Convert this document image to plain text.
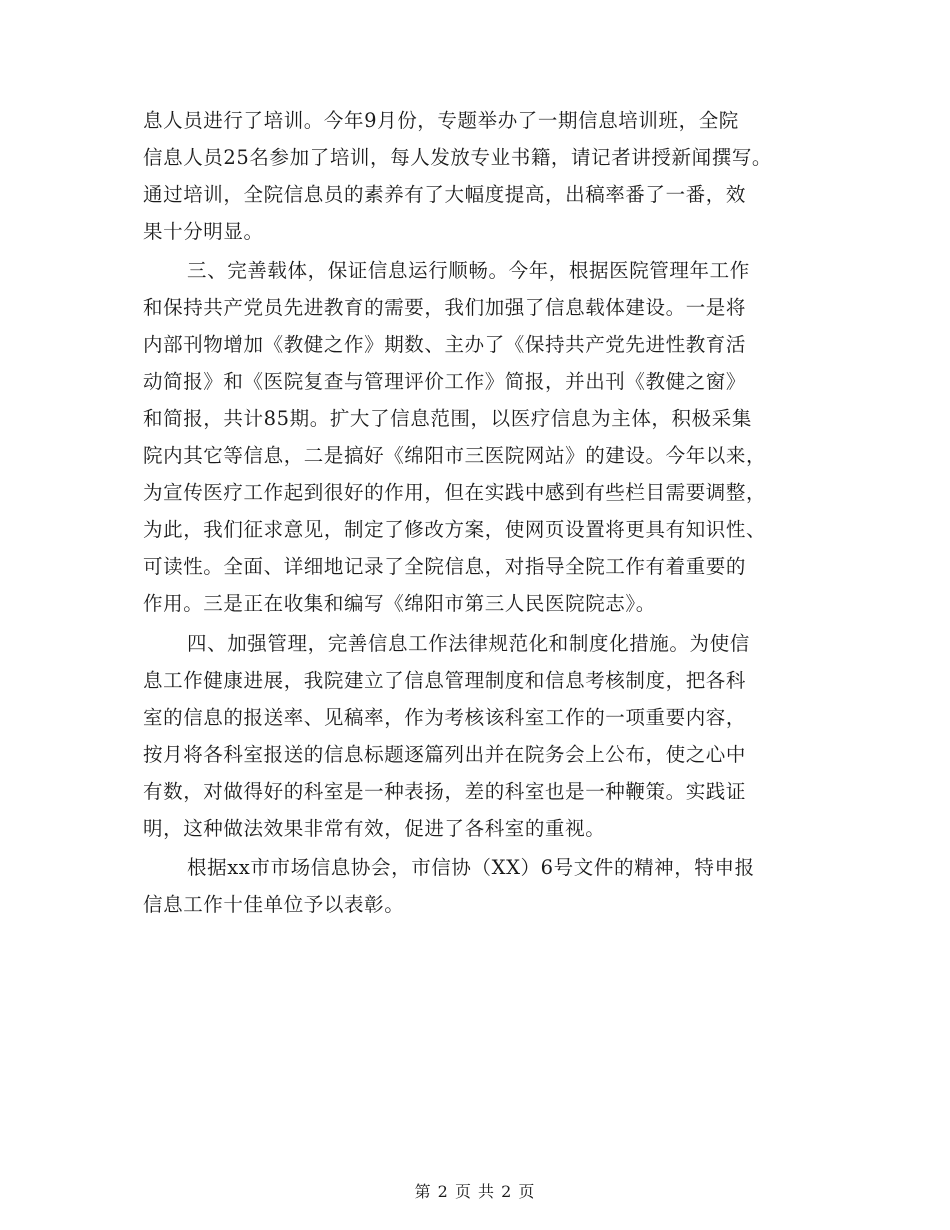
息人员进行了培训。今年9月份，专题举办了一期信息培训班，全院
信息人员25名参加了培训，每人发放专业书籍，请记者讲授新闻撰写。
通过培训，全院信息员的素养有了大幅度提高，出稿率番了一番，效
果十分明显。
三、完善载体，保证信息运行顺畅。今年，根据医院管理年工作
和保持共产党员先进教育的需要，我们加强了信息载体建设。一是将
内部刊物增加《教健之作》期数、主办了《保持共产党先进性教育活
动简报》和《医院复查与管理评价工作》简报，并出刊《教健之窗》
和简报，共计85期。扩大了信息范围，以医疗信息为主体，积极采集
院内其它等信息，二是搞好《绵阳市三医院网站》的建设。今年以来，
为宣传医疗工作起到很好的作用，但在实践中感到有些栏目需要调整，
为此，我们征求意见，制定了修改方案，使网页设置将更具有知识性、
可读性。全面、详细地记录了全院信息，对指导全院工作有着重要的
作用。三是正在收集和编写《绵阳市第三人民医院院志》。
四、加强管理，完善信息工作法律规范化和制度化措施。为使信
息工作健康进展，我院建立了信息管理制度和信息考核制度，把各科
室的信息的报送率、见稿率，作为考核该科室工作的一项重要内容，
按月将各科室报送的信息标题逐篇列出并在院务会上公布，使之心中
有数，对做得好的科室是一种表扬，差的科室也是一种鞭策。实践证
明，这种做法效果非常有效，促进了各科室的重视。
根据xx市市场信息协会，市信协（XX）6号文件的精神，特申报
信息工作十佳单位予以表彰。
第 2 页 共 2 页
